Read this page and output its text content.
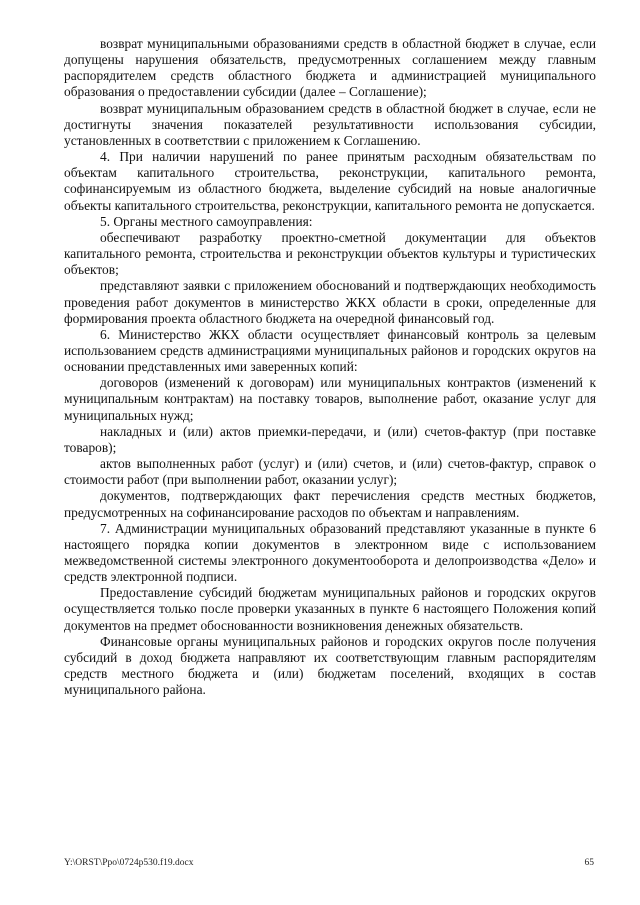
возврат муниципальными образованиями средств в областной бюджет в случае, если допущены нарушения обязательств, предусмотренных соглашением между главным распорядителем средств областного бюджета и администрацией муниципального образования о предоставлении субсидии (далее – Соглашение);

возврат муниципальным образованием средств в областной бюджет в случае, если не достигнуты значения показателей результативности использования субсидии, установленных в соответствии с приложением к Соглашению.

4. При наличии нарушений по ранее принятым расходным обязательствам по объектам капитального строительства, реконструкции, капитального ремонта, софинансируемым из областного бюджета, выделение субсидий на новые аналогичные объекты капитального строительства, реконструкции, капитального ремонта не допускается.

5. Органы местного самоуправления:

обеспечивают разработку проектно-сметной документации для объектов капитального ремонта, строительства и реконструкции объектов культуры и туристических объектов;

представляют заявки с приложением обоснований и подтверждающих необходимость проведения работ документов в министерство ЖКХ области в сроки, определенные для формирования проекта областного бюджета на очередной финансовый год.

6. Министерство ЖКХ области осуществляет финансовый контроль за целевым использованием средств администрациями муниципальных районов и городских округов на основании представленных ими заверенных копий:

договоров (изменений к договорам) или муниципальных контрактов (изменений к муниципальным контрактам) на поставку товаров, выполнение работ, оказание услуг для муниципальных нужд;

накладных и (или) актов приемки-передачи, и (или) счетов-фактур (при поставке товаров);

актов выполненных работ (услуг) и (или) счетов, и (или) счетов-фактур, справок о стоимости работ (при выполнении работ, оказании услуг);

документов, подтверждающих факт перечисления средств местных бюджетов, предусмотренных на софинансирование расходов по объектам и направлениям.

7. Администрации муниципальных образований представляют указанные в пункте 6 настоящего порядка копии документов в электронном виде с использованием межведомственной системы электронного документооборота и делопроизводства «Дело» и средств электронной подписи.

Предоставление субсидий бюджетам муниципальных районов и городских округов осуществляется только после проверки указанных в пункте 6 настоящего Положения копий документов на предмет обоснованности возникновения денежных обязательств.

Финансовые органы муниципальных районов и городских округов после получения субсидий в доход бюджета направляют их соответствующим главным распорядителям средств местного бюджета и (или) бюджетам поселений, входящих в состав муниципального района.

Y:\ORST\Ppo\0724p530.f19.docx	65
